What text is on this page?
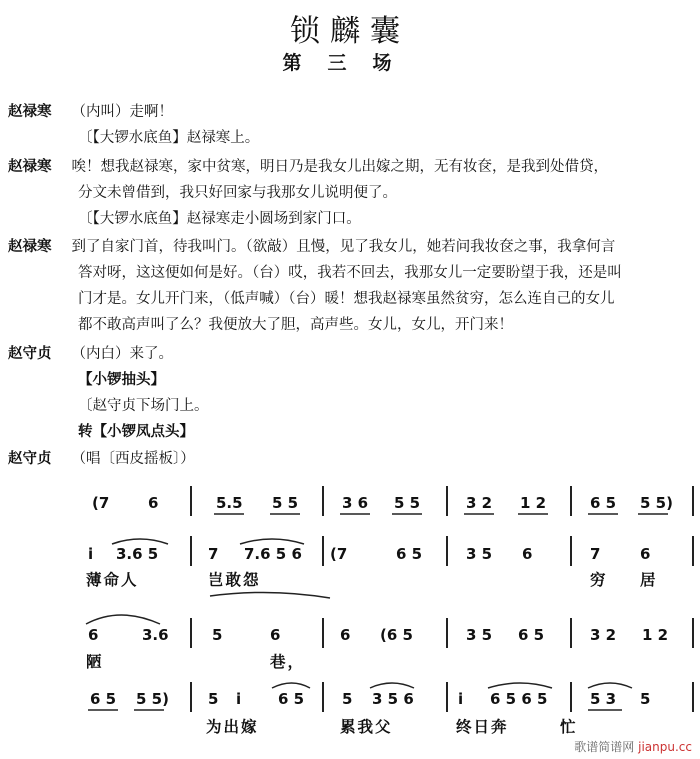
锁麟囊
第三场
赵禄寒 （内叫）走啊！
〔【大锣水底鱼】赵禄寒上。
赵禄寒 唉！想我赵禄寒，家中贫寒，明日乃是我女儿出嫁之期，无有妆奁，是我到处借贷，
分文未曾借到，我只好回家与我那女儿说明便了。
〔【大锣水底鱼】赵禄寒走小圆场到家门口。
赵禄寒 到了自家门首，待我叫门。（欲敲）且慢，见了我女儿，她若问我妆奁之事，我拿何言
答对呀，这这便如何是好。（台）哎，我若不回去，我那女儿一定要盼望于我，还是叫
门才是。女儿开门来，（低声喊）（台）暖！想我赵禄寒虽然贫穷，怎么连自己的女儿
都不敢高声叫了么？我便放大了胆，高声些。女儿，女儿，开门来！
赵守贞 （内白）来了。
【小锣抽头】
〔赵守贞下场门上。
转【小锣凤点头】
赵守贞 （唱〔西皮摇板〕）
(7	6	5.5 5 5	3 6 5 5	3 2 1 2	6 5 5 5)
i 3.6 5	7 7.6 5 6 (7	6 5	3 5 6	7	6
薄命人	岂敢怨	穷 居
6	3.6	5	6	6 (6 5	3 5 6 5	3 2 1 2
陋	巷，
6 5 5 5)	5 i 6 5	5 3 5 6	i 6 5 6 5	5 3 5
为出嫁	累我父	终日奔	忙
歌谱简谱网 jianpu.cc
